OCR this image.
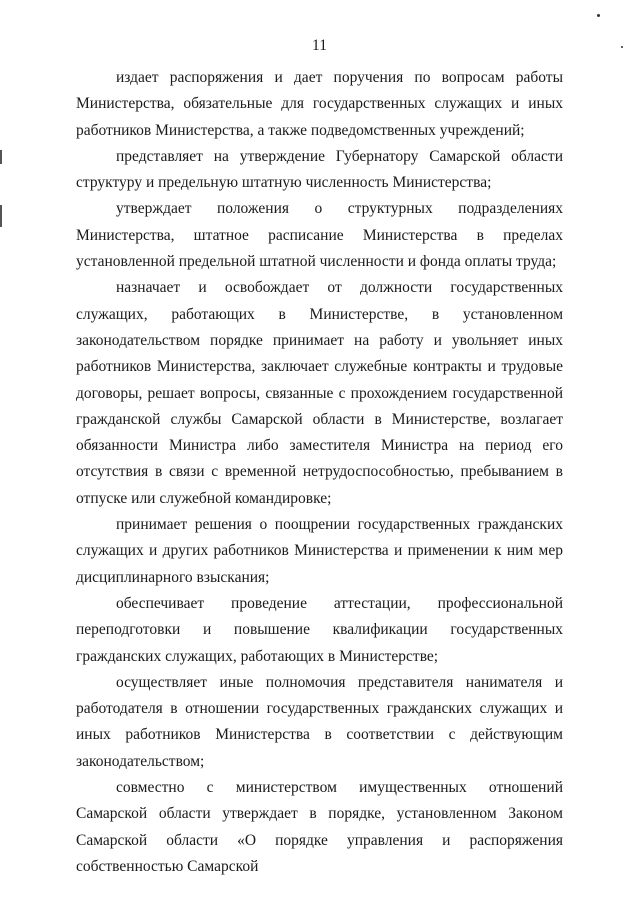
11

издает распоряжения и дает поручения по вопросам работы Министерства, обязательные для государственных служащих и иных работников Министерства, а также подведомственных учреждений;

представляет на утверждение Губернатору Самарской области структуру и предельную штатную численность Министерства;

утверждает положения о структурных подразделениях Министерства, штатное расписание Министерства в пределах установленной предельной штатной численности и фонда оплаты труда;

назначает и освобождает от должности государственных служащих, работающих в Министерстве, в установленном законодательством порядке принимает на работу и увольняет иных работников Министерства, заключает служебные контракты и трудовые договоры, решает вопросы, связанные с прохождением государственной гражданской службы Самарской области в Министерстве, возлагает обязанности Министра либо заместителя Министра на период его отсутствия в связи с временной нетрудоспособностью, пребыванием в отпуске или служебной командировке;

принимает решения о поощрении государственных гражданских служащих и других работников Министерства и применении к ним мер дисциплинарного взыскания;

обеспечивает проведение аттестации, профессиональной переподготовки и повышение квалификации государственных гражданских служащих, работающих в Министерстве;

осуществляет иные полномочия представителя нанимателя и работодателя в отношении государственных гражданских служащих и иных работников Министерства в соответствии с действующим законодательством;

совместно с министерством имущественных отношений Самарской области утверждает в порядке, установленном Законом Самарской области «О порядке управления и распоряжения собственностью Самарской
